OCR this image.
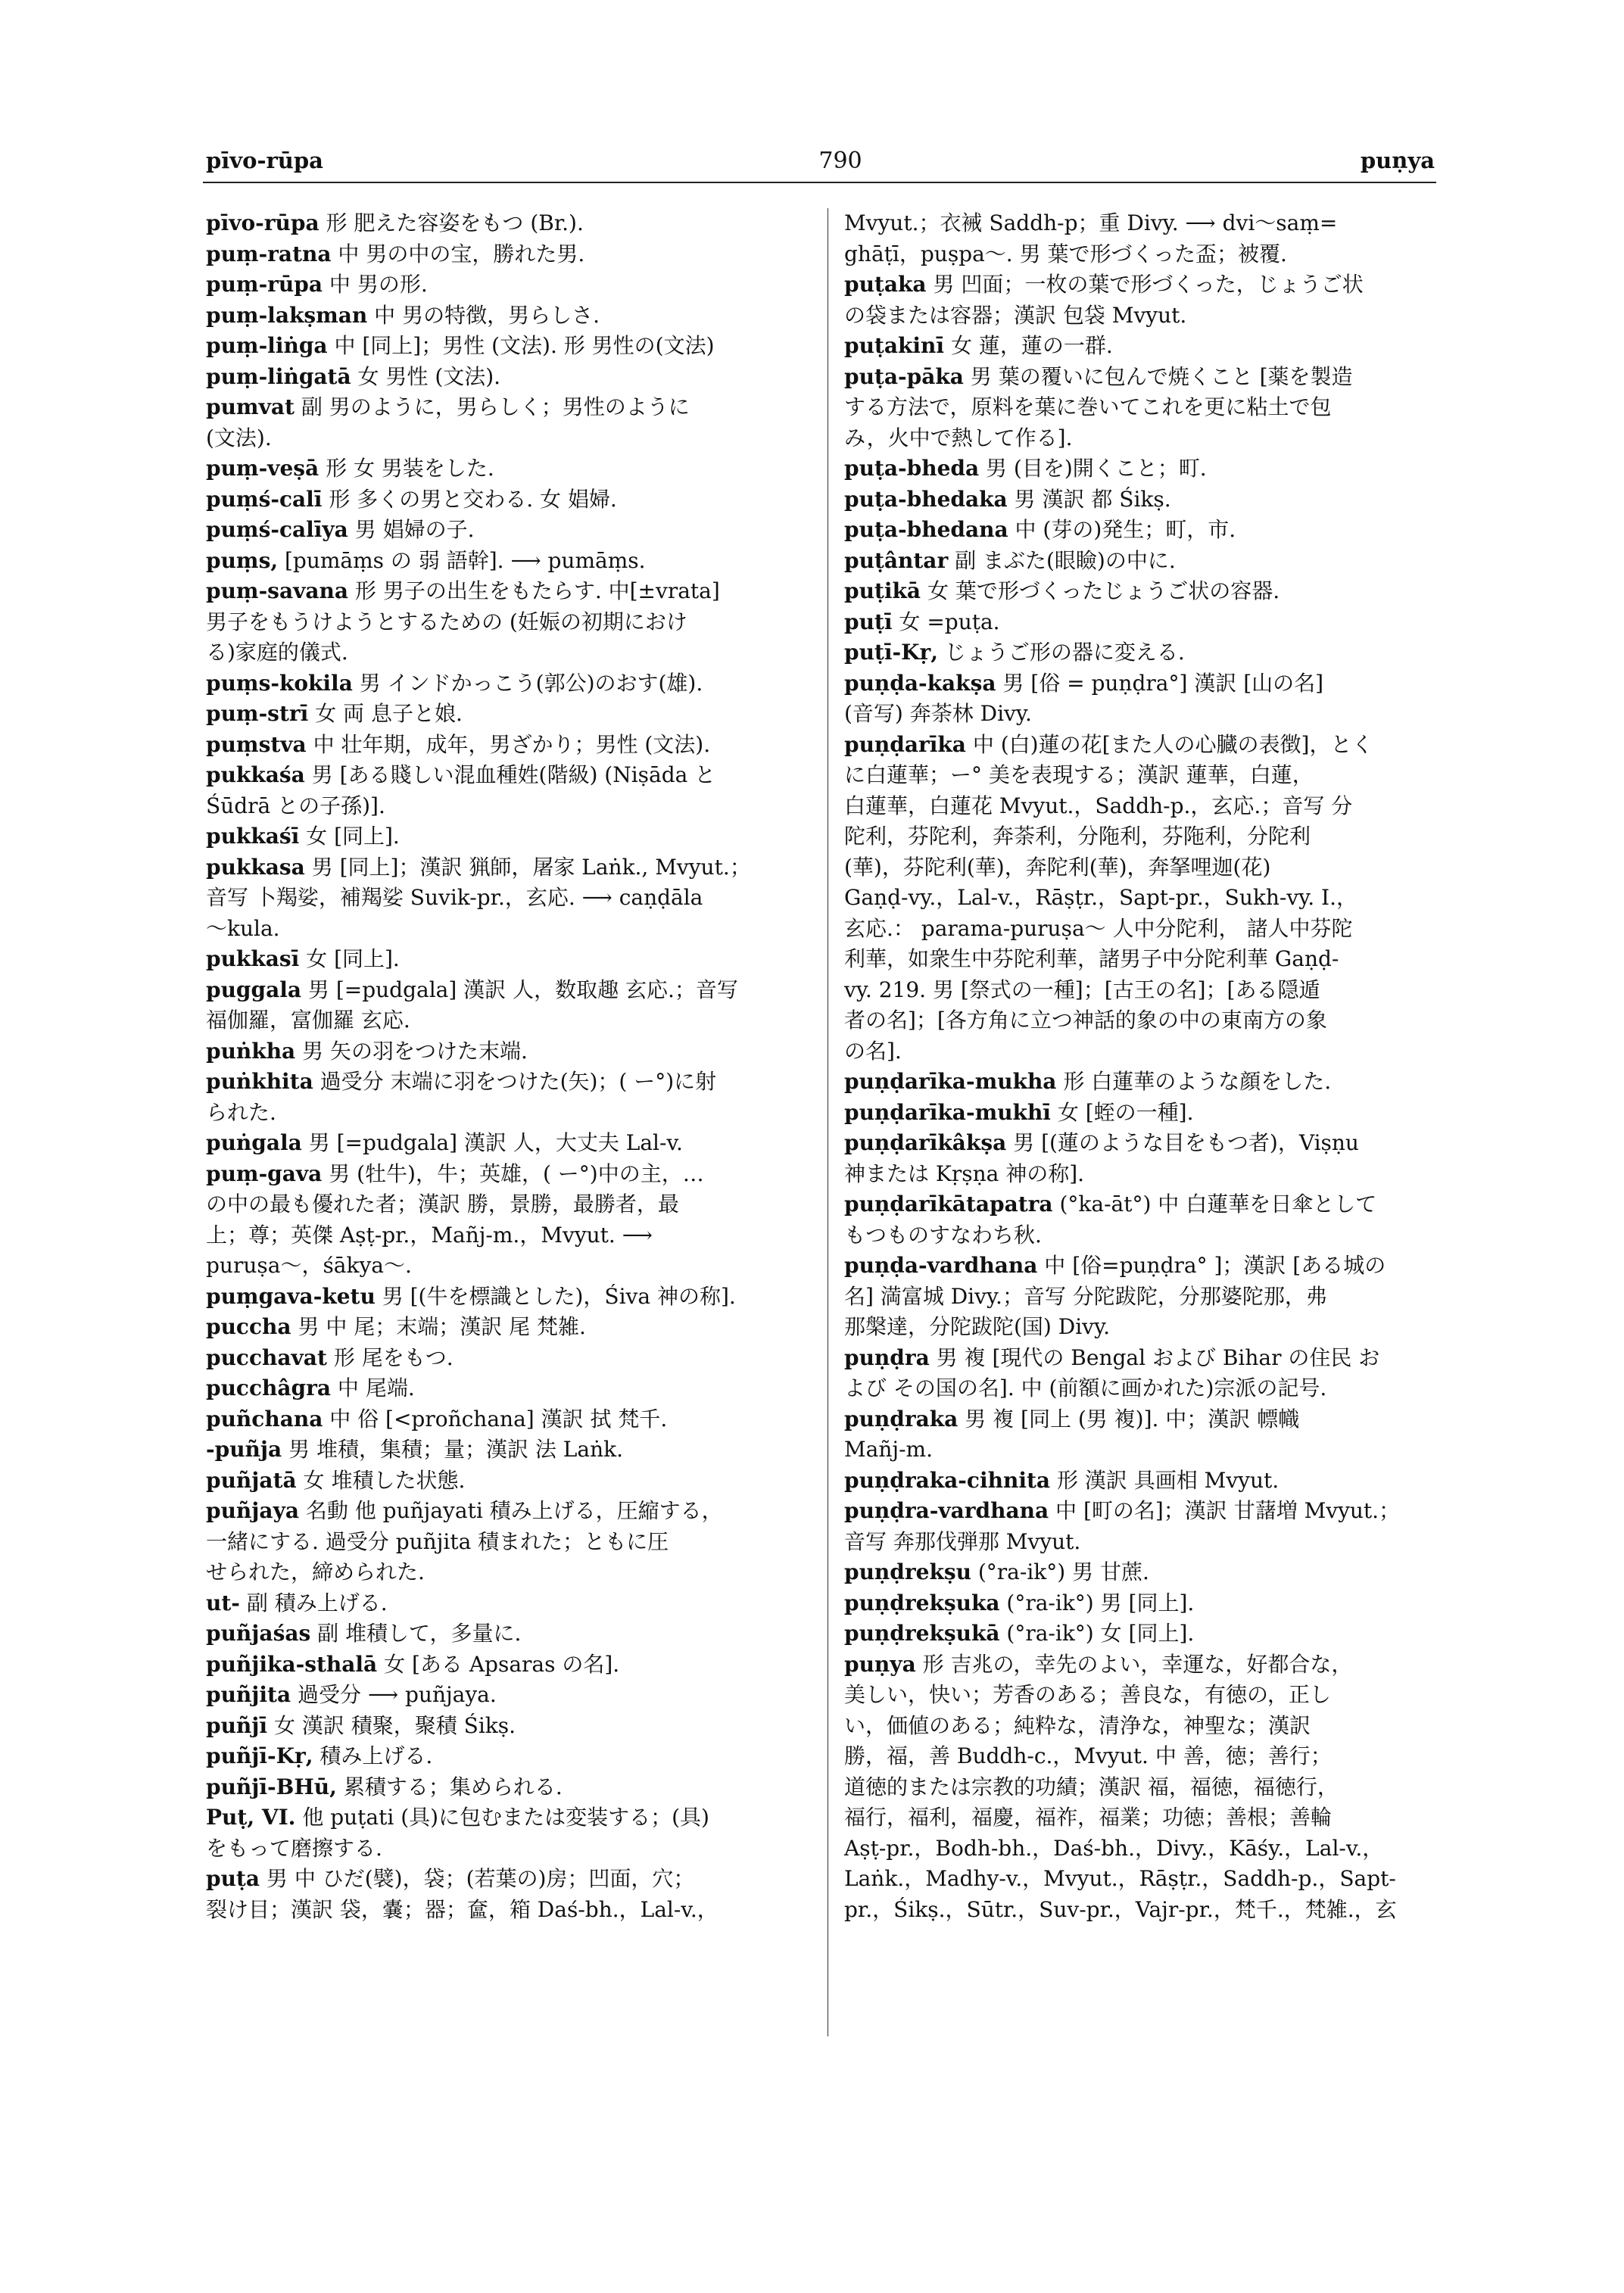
pīvo-rūpa	790	puṇya
pīvo-rūpa 形 肥えた容姿をもつ (Br.).
puṃ-ratna 中 男の中の宝，勝れた男.
puṃ-rūpa 中 男の形.
puṃ-lakṣman 中 男の特徴，男らしさ.
puṃ-liṅga 中 [同上]；男性 (文法). 形 男性の(文法)
puṃ-liṅgatā 女 男性 (文法).
pumvat 副 男のように，男らしく；男性のように
(文法).
puṃ-veṣā 形 女 男装をした.
puṃś-calī 形 多くの男と交わる. 女 娼婦.
puṃś-calīya 男 娼婦の子.
puṃs, [pumāṃs の 弱 語幹]. ⟶ pumāṃs.
puṃ-savana 形 男子の出生をもたらす. 中[±vrata]
男子をもうけようとするための (妊娠の初期におけ
る)家庭的儀式.
puṃs-kokila 男 インドかっこう(郭公)のおす(雄).
puṃ-strī 女 両 息子と娘.
puṃstva 中 壮年期，成年，男ざかり；男性 (文法).
pukkaśa 男 [ある賤しい混血種姓(階級) (Niṣāda と
Śūdrā との子孫)].
pukkaśī 女 [同上].
pukkasa 男 [同上]；漢訳 猟師，屠家 Laṅk., Mvyut.；
音写 卜羯娑，補羯娑 Suvik-pr.，玄応. ⟶ caṇḍāla
〜kula.
pukkasī 女 [同上].
puggala 男 [=pudgala] 漢訳 人，数取趣 玄応.；音写
福伽羅，富伽羅 玄応.
puṅkha 男 矢の羽をつけた末端.
puṅkhita 過受分 末端に羽をつけた(矢)；( ー°)に射
られた.
puṅgala 男 [=pudgala] 漢訳 人，大丈夫 Lal-v.
puṃ-gava 男 (牡牛)，牛；英雄，( ー°)中の主，…
の中の最も優れた者；漢訳 勝，景勝，最勝者，最
上；尊；英傑 Aṣṭ-pr.，Mañj-m.，Mvyut. ⟶
puruṣa〜，śākya〜.
puṃgava-ketu 男 [(牛を標識とした)，Śiva 神の称].
puccha 男 中 尾；末端；漢訳 尾 梵雑.
pucchavat 形 尾をもつ.
pucchâgra 中 尾端.
puñchana 中 俗 [<proñchana] 漢訳 拭 梵千.
-puñja 男 堆積，集積；量；漢訳 法 Laṅk.
puñjatā 女 堆積した状態.
puñjaya 名動 他 puñjayati 積み上げる，圧縮する，
一緒にする. 過受分 puñjita 積まれた；ともに圧
せられた，締められた.
ut- 副 積み上げる.
puñjaśas 副 堆積して，多量に.
puñjika-sthalā 女 [ある Apsaras の名].
puñjita 過受分 ⟶ puñjaya.
puñjī 女 漢訳 積聚，聚積 Śikṣ.
puñjī-Kṛ, 積み上げる.
puñjī-BHū, 累積する；集められる.
Puṭ, VI. 他 puṭati (具)に包むまたは変装する；(具)
をもって磨擦する.
puṭa 男 中 ひだ(襞)，袋；(若葉の)房；凹面，穴；
裂け目；漢訳 袋，嚢；器；奩，箱 Daś-bh.，Lal-v.，
Mvyut.；衣裓 Saddh-p；重 Divy. ⟶ dvi〜saṃ=
ghāṭī，puṣpa〜. 男 葉で形づくった盃；被覆.
puṭaka 男 凹面；一枚の葉で形づくった，じょうご状
の袋または容器；漢訳 包袋 Mvyut.
puṭakinī 女 蓮，蓮の一群.
puṭa-pāka 男 葉の覆いに包んで焼くこと [薬を製造
する方法で，原料を葉に巻いてこれを更に粘土で包
み，火中で熱して作る].
puṭa-bheda 男 (目を)開くこと；町.
puṭa-bhedaka 男 漢訳 都 Śikṣ.
puṭa-bhedana 中 (芽の)発生；町，市.
puṭântar 副 まぶた(眼瞼)の中に.
puṭikā 女 葉で形づくったじょうご状の容器.
puṭī 女 =puṭa.
puṭī-Kṛ, じょうご形の器に変える.
puṇḍa-kakṣa 男 [俗 = puṇḍra°] 漢訳 [山の名]
(音写) 奔荼林 Divy.
puṇḍarīka 中 (白)蓮の花[また人の心臓の表徴]，とく
に白蓮華；ー° 美を表現する；漢訳 蓮華，白蓮，
白蓮華，白蓮花 Mvyut.，Saddh-p.，玄応.；音写 分
陀利，芬陀利，奔荼利，分陁利，芬陁利，分陀利
(華)，芬陀利(華)，奔陀利(華)，奔拏哩迦(花)
Gaṇḍ-vy.，Lal-v.，Rāṣṭr.，Sapt-pr.，Sukh-vy. I.，
玄応.： parama-puruṣa〜 人中分陀利， 諸人中芬陀
利華，如衆生中芬陀利華，諸男子中分陀利華 Gaṇḍ-
vy. 219. 男 [祭式の一種]；[古王の名]；[ある隠遁
者の名]；[各方角に立つ神話的象の中の東南方の象
の名].
puṇḍarīka-mukha 形 白蓮華のような顔をした.
puṇḍarīka-mukhī 女 [蛭の一種].
puṇḍarīkâkṣa 男 [(蓮のような目をもつ者)，Viṣṇu
神または Kṛṣṇa 神の称].
puṇḍarīkātapatra (°ka-āt°) 中 白蓮華を日傘として
もつものすなわち秋.
puṇḍa-vardhana 中 [俗=puṇḍra° ]；漢訳 [ある城の
名] 満富城 Divy.；音写 分陀跋陀，分那婆陀那，弗
那槃達，分陀跋陀(国) Divy.
puṇḍra 男 複 [現代の Bengal および Bihar の住民 お
よび その国の名]. 中 (前額に画かれた)宗派の記号.
puṇḍraka 男 複 [同上 (男 複)]. 中；漢訳 幖幟
Mañj-m.
puṇḍraka-cihnita 形 漢訳 具画相 Mvyut.
puṇḍra-vardhana 中 [町の名]；漢訳 甘藷増 Mvyut.；
音写 奔那伐弾那 Mvyut.
puṇḍrekṣu (°ra-ik°) 男 甘蔗.
puṇḍrekṣuka (°ra-ik°) 男 [同上].
puṇḍrekṣukā (°ra-ik°) 女 [同上].
puṇya 形 吉兆の，幸先のよい，幸運な，好都合な，
美しい，快い；芳香のある；善良な，有徳の，正し
い，価値のある；純粋な，清浄な，神聖な；漢訳
勝，福，善 Buddh-c.，Mvyut. 中 善，徳；善行；
道徳的または宗教的功績；漢訳 福，福徳，福徳行，
福行，福利，福慶，福祚，福業；功徳；善根；善輪
Aṣṭ-pr.，Bodh-bh.，Daś-bh.，Divy.，Kāśy.，Lal-v.，
Laṅk.，Madhy-v.，Mvyut.，Rāṣṭr.，Saddh-p.，Sapt-
pr.，Śikṣ.，Sūtr.，Suv-pr.，Vajr-pr.，梵千.，梵雑.，玄
